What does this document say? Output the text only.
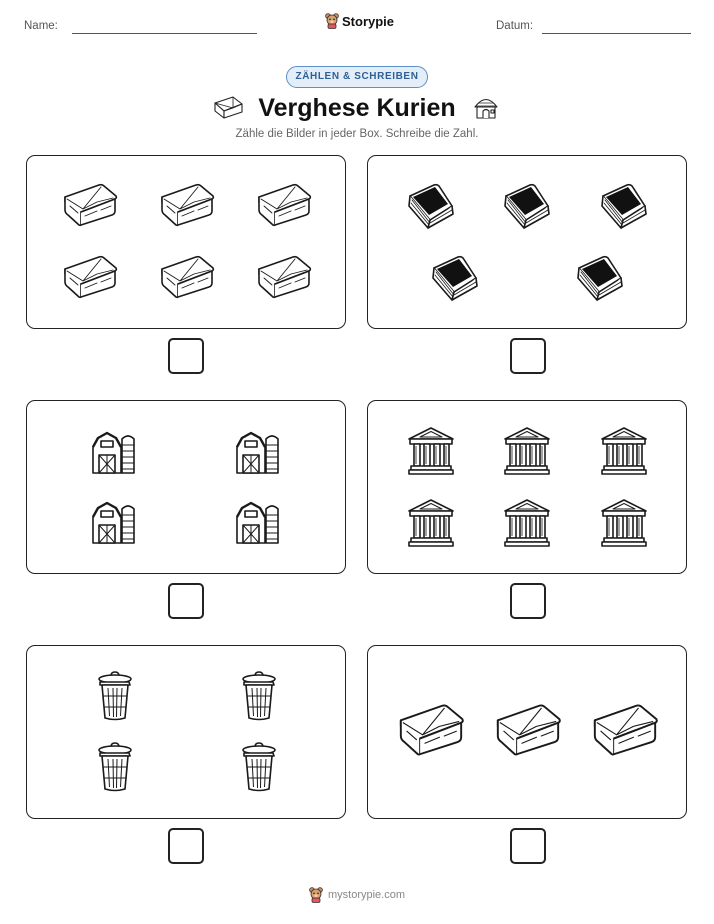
Name:	Storypie	Datum:
ZÄHLEN & SCHREIBEN
Verghese Kurien
Zähle die Bilder in jeder Box. Schreibe die Zahl.
mystorypie.com
